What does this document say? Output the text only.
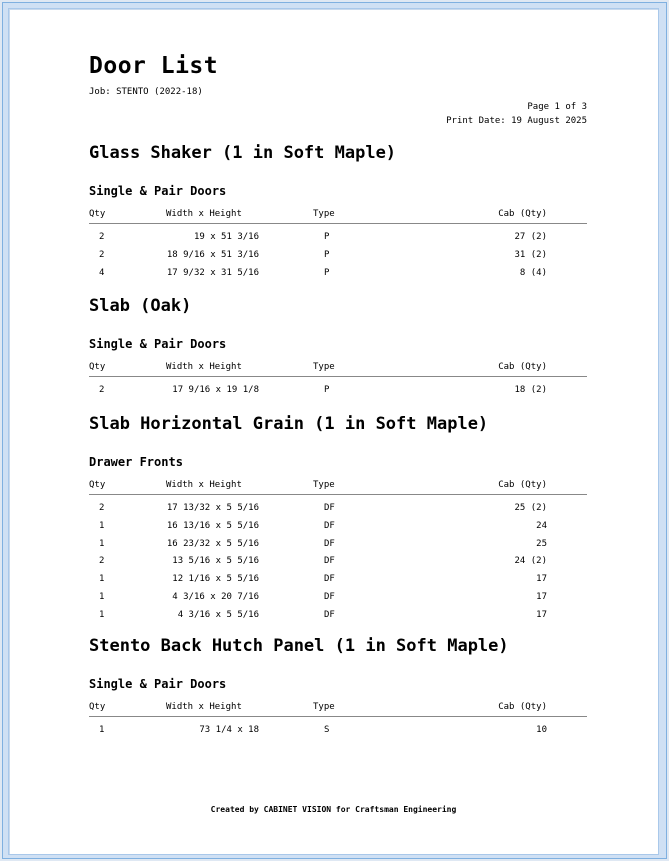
Door List
Job: STENTO (2022-18)
Page 1 of 3
Print Date: 19 August 2025
Created by CABINET VISION for Craftsman Engineering
Glass Shaker (1 in Soft Maple)
Single & Pair Doors
Qty	Width x Height	Type	Cab (Qty)
2	19 x 51 3/16	P	27 (2)
2	18 9/16 x 51 3/16	P	31 (2)
4	17 9/32 x 31 5/16	P	8 (4)
Slab (Oak)
Single & Pair Doors
Qty	Width x Height	Type	Cab (Qty)
2	17 9/16 x 19 1/8	P	18 (2)
Slab Horizontal Grain (1 in Soft Maple)
Drawer Fronts
Qty	Width x Height	Type	Cab (Qty)
2	17 13/32 x 5 5/16	DF	25 (2)
1	16 13/16 x 5 5/16	DF	24
1	16 23/32 x 5 5/16	DF	25
2	13 5/16 x 5 5/16	DF	24 (2)
1	12 1/16 x 5 5/16	DF	17
1	4 3/16 x 20 7/16	DF	17
1	4 3/16 x 5 5/16	DF	17
Stento Back Hutch Panel (1 in Soft Maple)
Single & Pair Doors
Qty	Width x Height	Type	Cab (Qty)
1	73 1/4 x 18	S	10
